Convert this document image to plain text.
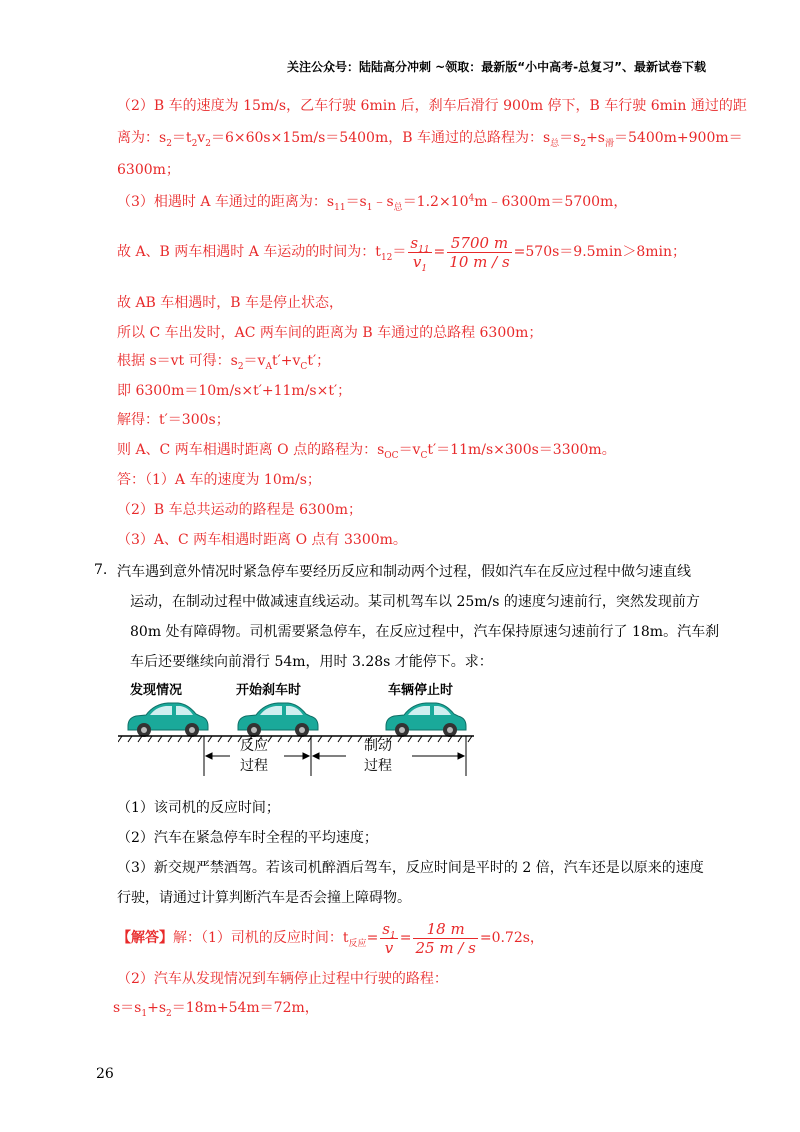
关注公众号：陆陆高分冲刺 ~领取：最新版“小中高考-总复习”、最新试卷下载
（2）B 车的速度为 15m/s，乙车行驶 6min 后，刹车后滑行 900m 停下，B 车行驶 6min 通过的距
离为：$s_2=t_2v_2=6\times 60s\times 15m/s=5400m$，B 车通过的总路程为：$s_总=s_2+s_滑=5400m+900m=$
6300m；
（3）相遇时 A 车通过的距离为：$s_{11}=s_1﹣s_总=1.2\times 10^4m﹣6300m=5700m$，
故 A、B 两车相遇时 A 车运动的时间为：$t_{12}= \frac{s_{11}}{v_1} = \frac{5700 m}{10 m / s} =570s=9.5\min>8\min$；
故 AB 车相遇时，B 车是停止状态，
所以 C 车出发时，AC 两车间的距离为 B 车通过的总路程 6300m；
根据 s＝vt 可得：$s_2=v_At'+v_Ct'$；
即 6300m＝10m/s×t′+11m/s×t′；
解得：t′＝300s；
则 A、C 两车相遇时距离 O 点的路程为：$s_{OC}=v_Ct'=11m/s\times 300s=3300m$。
答：（1）A 车的速度为 10m/s；
（2）B 车总共运动的路程是 6300m；
（3）A、C 两车相遇时距离 O 点有 3300m。
7. 汽车遇到意外情况时紧急停车要经历反应和制动两个过程，假如汽车在反应过程中做匀速直线
运动，在制动过程中做减速直线运动。某司机驾车以 25m/s 的速度匀速前行，突然发现前方
80m 处有障碍物。司机需要紧急停车，在反应过程中，汽车保持原速匀速前行了 18m。汽车刹
车后还要继续向前滑行 54m，用时 3.28s 才能停下。求：
发现情况	开始刹车时	车辆停止时
反应
过程
制动
过程
（1）该司机的反应时间；
（2）汽车在紧急停车时全程的平均速度；
（3）新交规严禁酒驾。若该司机醉酒后驾车，反应时间是平时的 2 倍，汽车还是以原来的速度
行驶，请通过计算判断汽车是否会撞上障碍物。
【解答】解：（1）司机的反应时间：$t_{反应}= \frac{s_1}{v} = \frac{18 m}{25 m / s} =0.72s$，
（2）汽车从发现情况到车辆停止过程中行驶的路程：
$s=s_1+s_2=18m+54m=72m$，
26
